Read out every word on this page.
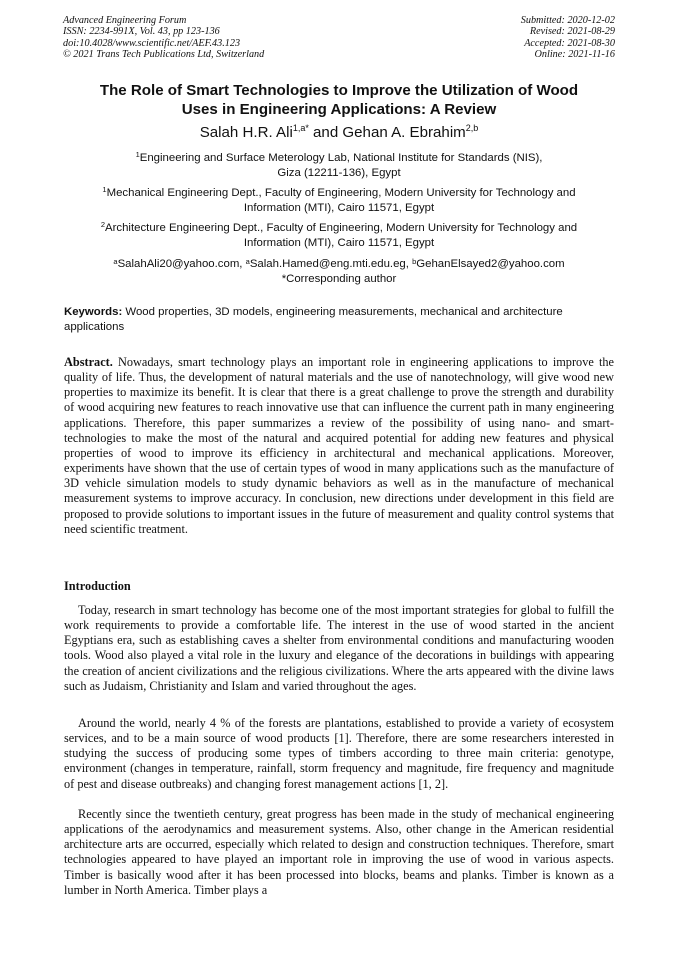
Advanced Engineering Forum
ISSN: 2234-991X, Vol. 43, pp 123-136
doi:10.4028/www.scientific.net/AEF.43.123
© 2021 Trans Tech Publications Ltd, Switzerland
Submitted: 2020-12-02
Revised: 2021-08-29
Accepted: 2021-08-30
Online: 2021-11-16
The Role of Smart Technologies to Improve the Utilization of Wood
Uses in Engineering Applications: A Review
Salah H.R. Ali$^{1,a*}$ and Gehan A. Ebrahim$^{2,b}$
$^1$Engineering and Surface Meterology Lab, National Institute for Standards (NIS),
Giza (12211-136), Egypt
$^1$Mechanical Engineering Dept., Faculty of Engineering, Modern University for Technology and
Information (MTI), Cairo 11571, Egypt
$^2$Architecture Engineering Dept., Faculty of Engineering, Modern University for Technology and
Information (MTI), Cairo 11571, Egypt
$^a$SalahAli20@yahoo.com, $^a$Salah.Hamed@eng.mti.edu.eg, $^b$GehanElsayed2@yahoo.com
*Corresponding author
Keywords: Wood properties, 3D models, engineering measurements, mechanical and architecture applications
Abstract. Nowadays, smart technology plays an important role in engineering applications to improve the quality of life. Thus, the development of natural materials and the use of nanotechnology, will give wood new properties to maximize its benefit. It is clear that there is a great challenge to prove the strength and durability of wood acquiring new features to reach innovative use that can influence the current path in many engineering applications. Therefore, this paper summarizes a review of the possibility of using nano- and smart-technologies to make the most of the natural and acquired potential for adding new features and physical properties of wood to improve its efficiency in architectural and mechanical applications. Moreover, experiments have shown that the use of certain types of wood in many applications such as the manufacture of 3D vehicle simulation models to study dynamic behaviors as well as in the manufacture of mechanical measurement systems to improve accuracy. In conclusion, new directions under development in this field are proposed to provide solutions to important issues in the future of measurement and quality control systems that need scientific treatment.
Introduction
Today, research in smart technology has become one of the most important strategies for global to fulfill the work requirements to provide a comfortable life. The interest in the use of wood started in the ancient Egyptians era, such as establishing caves a shelter from environmental conditions and manufacturing wooden tools. Wood also played a vital role in the luxury and elegance of the decorations in buildings with appearing the creation of ancient civilizations and the religious civilizations. Where the arts appeared with the divine laws such as Judaism, Christianity and Islam and varied throughout the ages.
Around the world, nearly 4 % of the forests are plantations, established to provide a variety of ecosystem services, and to be a main source of wood products [1]. Therefore, there are some researchers interested in studying the success of producing some types of timbers according to three main criteria: genotype, environment (changes in temperature, rainfall, storm frequency and magnitude, fire frequency and magnitude of pest and disease outbreaks) and changing forest management actions [1, 2].
Recently since the twentieth century, great progress has been made in the study of mechanical engineering applications of the aerodynamics and measurement systems. Also, other change in the American residential architecture arts are occurred, especially which related to design and construction techniques. Therefore, smart technologies appeared to have played an important role in improving the use of wood in various aspects. Timber is basically wood after it has been processed into blocks, beams and planks. Timber is known as a lumber in North America. Timber plays a
